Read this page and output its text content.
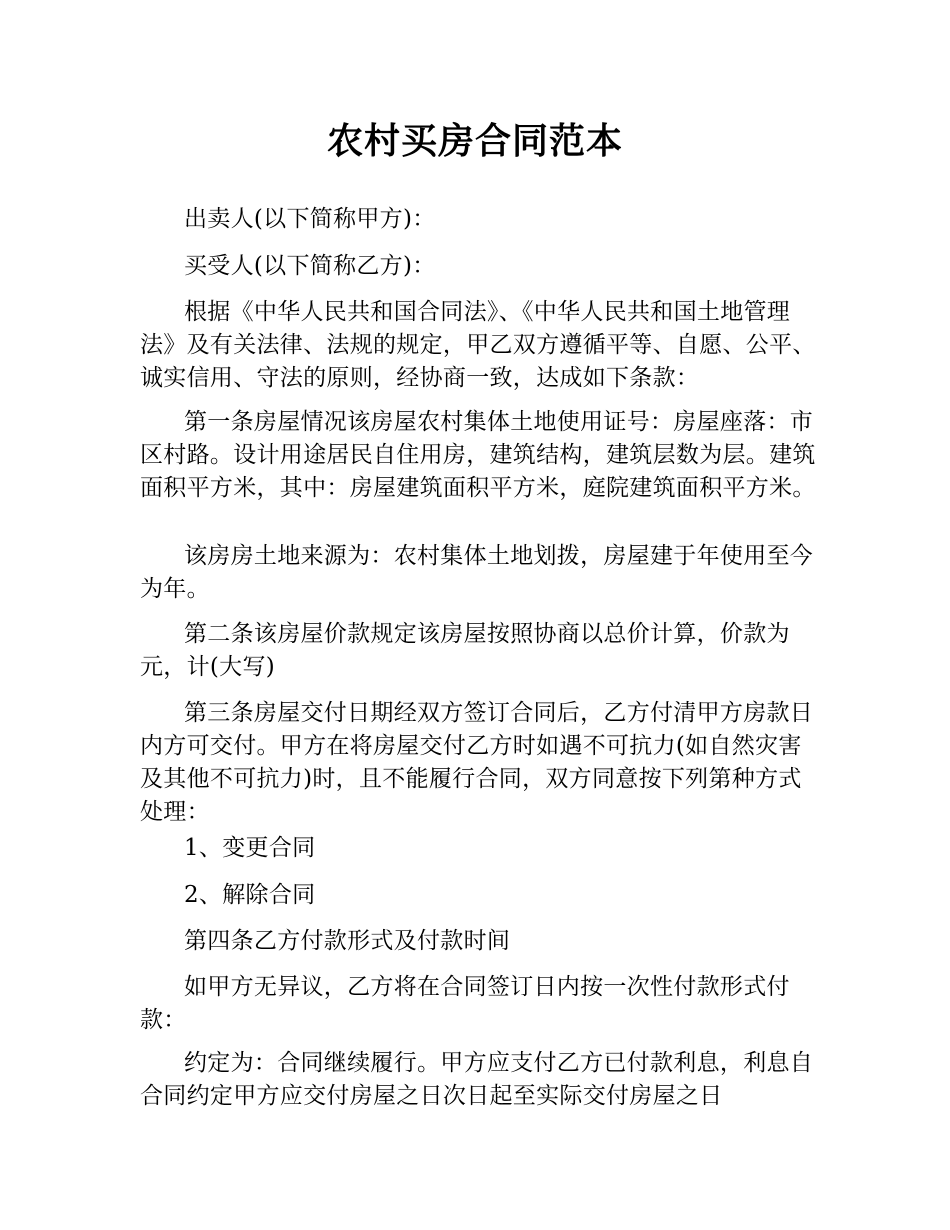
农村买房合同范本

出卖人(以下简称甲方)：

买受人(以下简称乙方)：

根据《中华人民共和国合同法》、《中华人民共和国土地管理法》及有关法律、法规的规定，甲乙双方遵循平等、自愿、公平、诚实信用、守法的原则，经协商一致，达成如下条款：

第一条房屋情况该房屋农村集体土地使用证号：房屋座落：市区村路。设计用途居民自住用房，建筑结构，建筑层数为层。建筑面积平方米，其中：房屋建筑面积平方米，庭院建筑面积平方米。

该房房土地来源为：农村集体土地划拨，房屋建于年使用至今为年。

第二条该房屋价款规定该房屋按照协商以总价计算，价款为元，计(大写)

第三条房屋交付日期经双方签订合同后，乙方付清甲方房款日内方可交付。甲方在将房屋交付乙方时如遇不可抗力(如自然灾害及其他不可抗力)时，且不能履行合同，双方同意按下列第种方式处理：

1、变更合同

2、解除合同

第四条乙方付款形式及付款时间

如甲方无异议，乙方将在合同签订日内按一次性付款形式付款：

约定为：合同继续履行。甲方应支付乙方已付款利息，利息自合同约定甲方应交付房屋之日次日起至实际交付房屋之日
